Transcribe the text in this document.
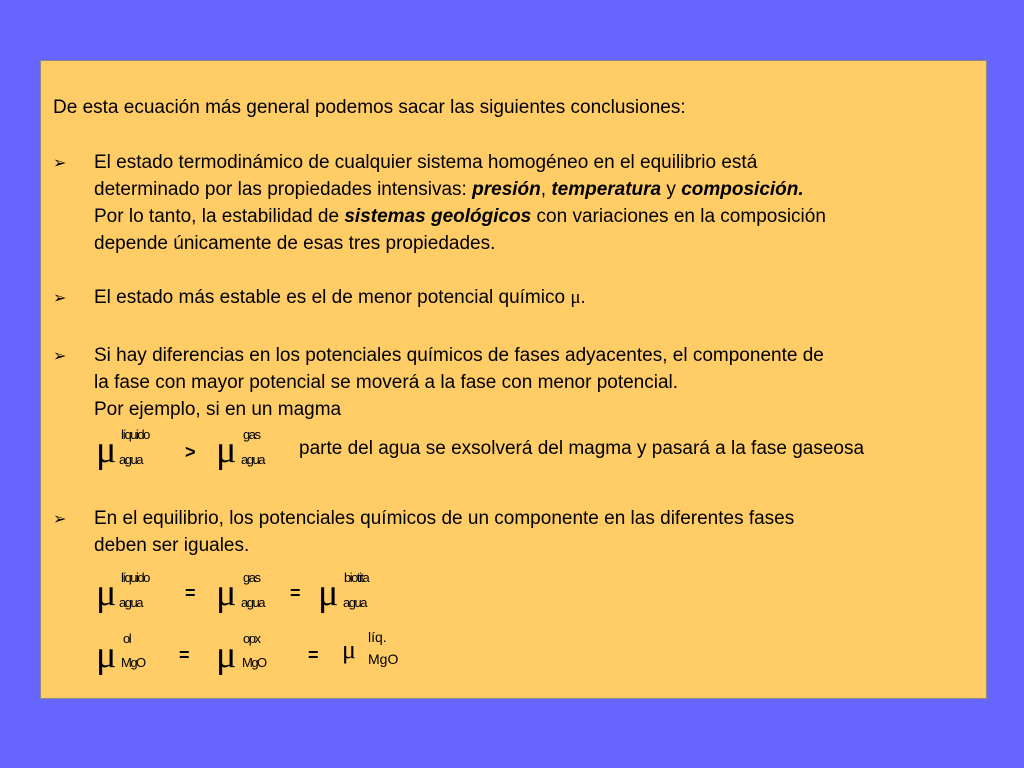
De esta ecuación más general podemos sacar las siguientes conclusiones:
➢ El estado termodinámico de cualquier sistema homogéneo en el equilibrio está
determinado por las propiedades intensivas: presión, temperatura y composición.
Por lo tanto, la estabilidad de sistemas geológicos con variaciones en la composición
depende únicamente de esas tres propiedades.
➢ El estado más estable es el de menor potencial químico μ.
➢ Si hay diferencias en los potenciales químicos de fases adyacentes, el componente de
la fase con mayor potencial se moverá a la fase con menor potencial.
Por ejemplo, si en un magma
μ líquido
agua > μ gas
agua
parte del agua se exsolverá del magma y pasará a la fase gaseosa
➢ En el equilibrio, los potenciales químicos de un componente en las diferentes fases
deben ser iguales.
μ líquido
agua = μ gas
agua = μ biotita
agua
μ ol
MgO = μ opx
MgO = μ líq.
MgO
